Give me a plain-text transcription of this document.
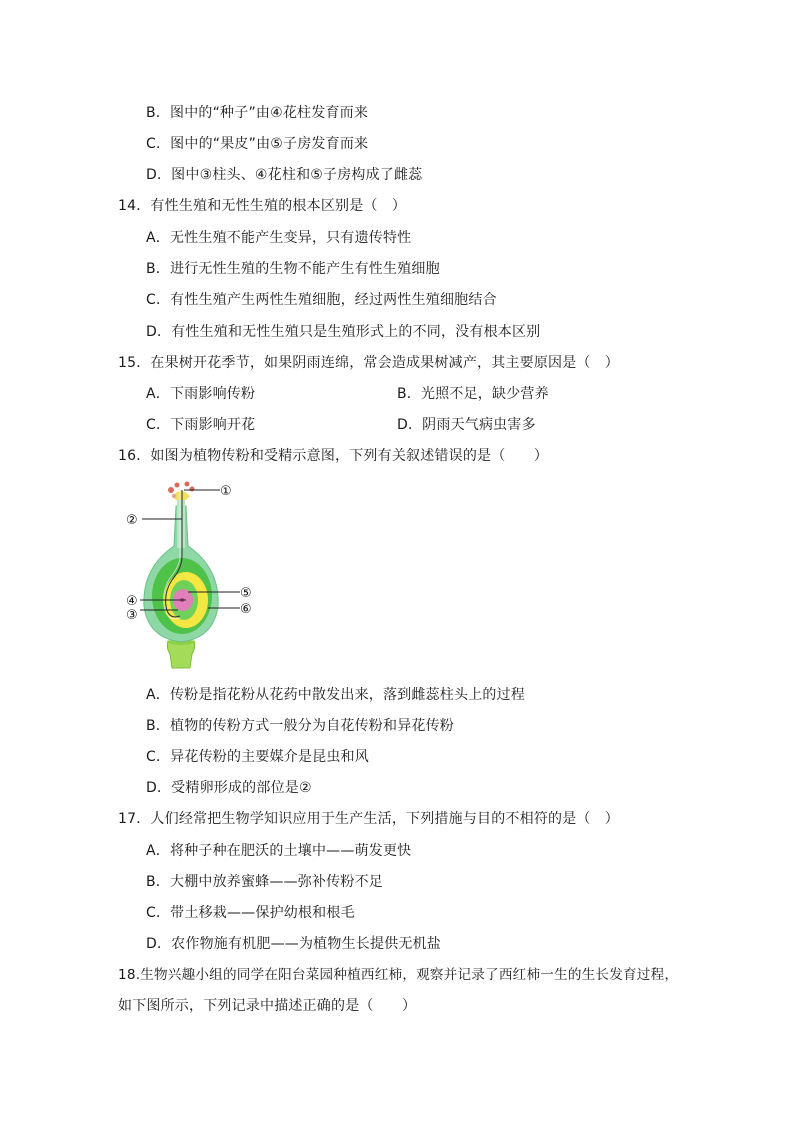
B．图中的“种子”由④花柱发育而来
C．图中的“果皮”由⑤子房发育而来
D．图中③柱头、④花柱和⑤子房构成了雌蕊
14．有性生殖和无性生殖的根本区别是（　）
A．无性生殖不能产生变异，只有遗传特性
B．进行无性生殖的生物不能产生有性生殖细胞
C．有性生殖产生两性生殖细胞，经过两性生殖细胞结合
D．有性生殖和无性生殖只是生殖形式上的不同，没有根本区别
15．在果树开花季节，如果阴雨连绵，常会造成果树减产，其主要原因是（　）
A．下雨影响传粉	B．光照不足，缺少营养
C．下雨影响开花	D．阴雨天气病虫害多
16．如图为植物传粉和受精示意图，下列有关叙述错误的是（　　）
①
②
④
③
⑤
⑥
A．传粉是指花粉从花药中散发出来，落到雌蕊柱头上的过程
B．植物的传粉方式一般分为自花传粉和异花传粉
C．异花传粉的主要媒介是昆虫和风
D．受精卵形成的部位是②
17．人们经常把生物学知识应用于生产生活，下列措施与目的不相符的是（　）
A．将种子种在肥沃的土壤中——萌发更快
B．大棚中放养蜜蜂——弥补传粉不足
C．带土移栽——保护幼根和根毛
D．农作物施有机肥——为植物生长提供无机盐
18.生物兴趣小组的同学在阳台菜园种植西红柿，观察并记录了西红柿一生的生长发育过程，
如下图所示，下列记录中描述正确的是（　　）
